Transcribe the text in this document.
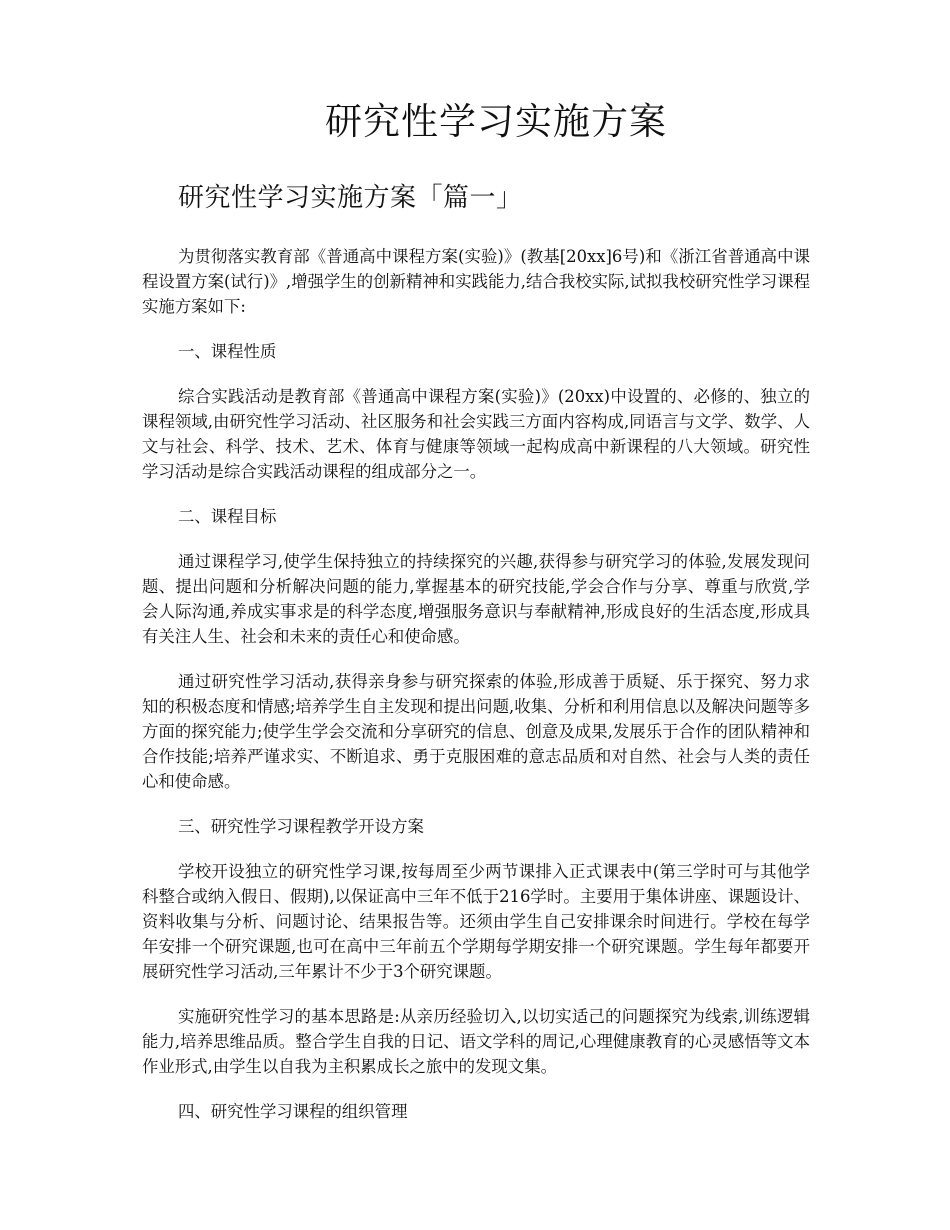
研究性学习实施方案
研究性学习实施方案「篇一」

为贯彻落实教育部《普通高中课程方案(实验)》(教基[20xx]6号)和《浙江省普通高中课程设置方案(试行)》,增强学生的创新精神和实践能力,结合我校实际,试拟我校研究性学习课程实施方案如下:

一、课程性质

综合实践活动是教育部《普通高中课程方案(实验)》(20xx)中设置的、必修的、独立的课程领域,由研究性学习活动、社区服务和社会实践三方面内容构成,同语言与文学、数学、人文与社会、科学、技术、艺术、体育与健康等领域一起构成高中新课程的八大领域。研究性学习活动是综合实践活动课程的组成部分之一。

二、课程目标

通过课程学习,使学生保持独立的持续探究的兴趣,获得参与研究学习的体验,发展发现问题、提出问题和分析解决问题的能力,掌握基本的研究技能,学会合作与分享、尊重与欣赏,学会人际沟通,养成实事求是的科学态度,增强服务意识与奉献精神,形成良好的生活态度,形成具有关注人生、社会和未来的责任心和使命感。

通过研究性学习活动,获得亲身参与研究探索的体验,形成善于质疑、乐于探究、努力求知的积极态度和情感;培养学生自主发现和提出问题,收集、分析和利用信息以及解决问题等多方面的探究能力;使学生学会交流和分享研究的信息、创意及成果,发展乐于合作的团队精神和合作技能;培养严谨求实、不断追求、勇于克服困难的意志品质和对自然、社会与人类的责任心和使命感。

三、研究性学习课程教学开设方案

学校开设独立的研究性学习课,按每周至少两节课排入正式课表中(第三学时可与其他学科整合或纳入假日、假期),以保证高中三年不低于216学时。主要用于集体讲座、课题设计、资料收集与分析、问题讨论、结果报告等。还须由学生自己安排课余时间进行。学校在每学年安排一个研究课题,也可在高中三年前五个学期每学期安排一个研究课题。学生每年都要开展研究性学习活动,三年累计不少于3个研究课题。

实施研究性学习的基本思路是:从亲历经验切入,以切实适己的问题探究为线索,训练逻辑能力,培养思维品质。整合学生自我的日记、语文学科的周记,心理健康教育的心灵感悟等文本作业形式,由学生以自我为主积累成长之旅中的发现文集。

四、研究性学习课程的组织管理
